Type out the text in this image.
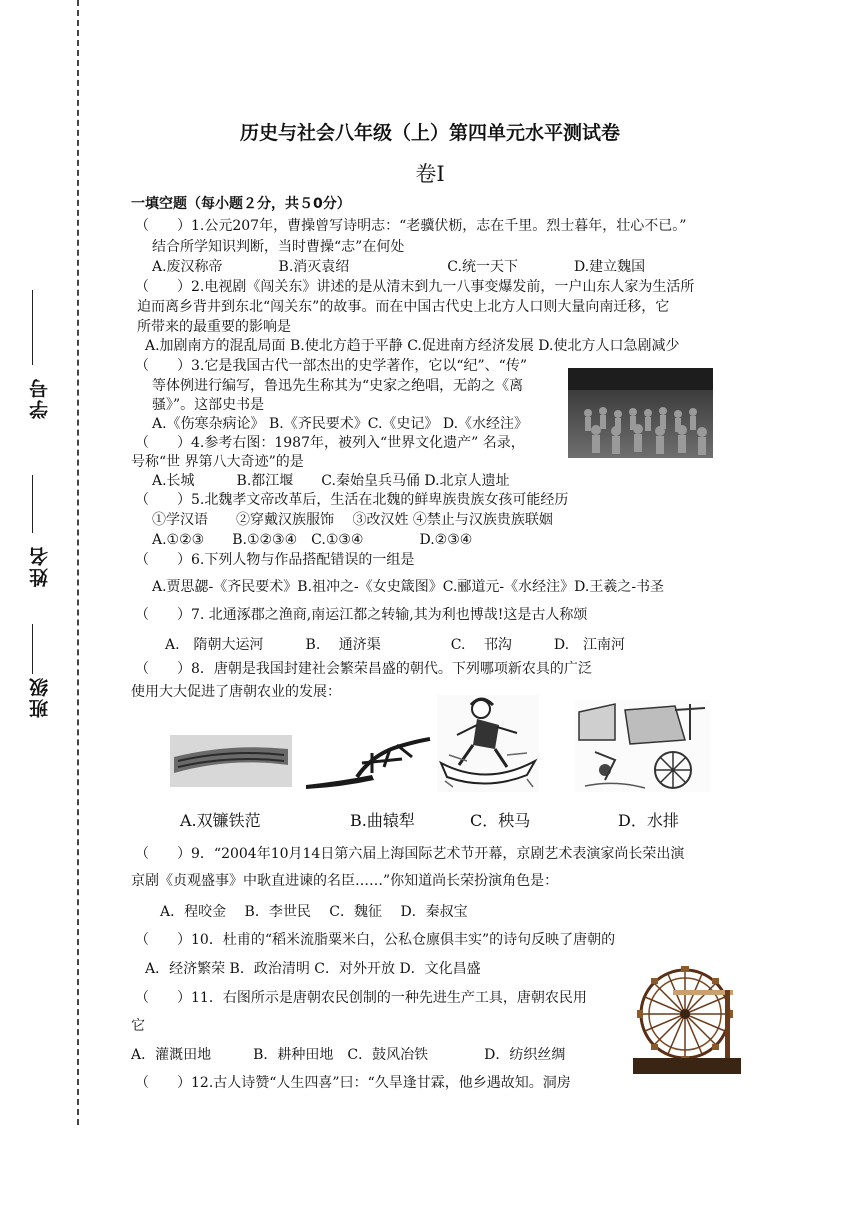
学号
姓名
班级
历史与社会八年级（上）第四单元水平测试卷
卷Ⅰ
一填空题（每小题２分，共５0分）
（　　）1.公元207年，曹操曾写诗明志：“老骥伏枥，志在千里。烈士暮年，壮心不已。”
结合所学知识判断，当时曹操“志”在何处
A.废汉称帝　　　　B.消灭袁绍　　　　　　　C.统一天下　　　　D.建立魏国
（　　）2.电视剧《闯关东》讲述的是从清末到九一八事变爆发前，一户山东人家为生活所
迫而离乡背井到东北“闯关东”的故事。而在中国古代史上北方人口则大量向南迁移，它
所带来的最重要的影响是
A.加剧南方的混乱局面 B.使北方趋于平静 C.促进南方经济发展 D.使北方人口急剧减少
（　　）3.它是我国古代一部杰出的史学著作，它以“纪”、“传”
等体例进行编写，鲁迅先生称其为“史家之绝唱，无韵之《离
骚》”。这部史书是
A.《伤寒杂病论》 B.《齐民要术》C.《史记》 D.《水经注》
（　　）4.参考右图：1987年，被列入“世界文化遗产” 名录，
号称“世 界第八大奇迹”的是
A.长城　　　B.都江堰　　C.秦始皇兵马俑 D.北京人遗址
（　　）5.北魏孝文帝改革后，生活在北魏的鲜卑族贵族女孩可能经历
①学汉语　　②穿戴汉族服饰　 ③改汉姓 ④禁止与汉族贵族联姻
A.①②③　　B.①②③④　C.①③④　　　　D.②③④
（　　）6.下列人物与作品搭配错误的一组是
A.贾思勰-《齐民要术》B.祖冲之-《女史箴图》C.郦道元-《水经注》D.王羲之-书圣
（　　）7. 北通涿郡之渔商,南运江都之转输,其为利也博哉!这是古人称颂
A.　隋朝大运河　　　B.　 通济渠　　　　　C.　 邗沟　　　D.　江南河
（　　）8．唐朝是我国封建社会繁荣昌盛的朝代。下列哪项新农具的广泛
使用大大促进了唐朝农业的发展：
A.双镰铁范	B.曲辕犁	C．秧马	D．水排
（　　）9．“2004年10月14日第六届上海国际艺术节开幕，京剧艺术表演家尚长荣出演
京剧《贞观盛事》中耿直进谏的名臣……”你知道尚长荣扮演角色是：
A．程咬金　 B．李世民　 C．魏征　 D．秦叔宝
（　　）10．杜甫的“稻米流脂粟米白，公私仓廪俱丰实”的诗句反映了唐朝的
A．经济繁荣 B．政治清明 C．对外开放 D．文化昌盛
（　　）11．右图所示是唐朝农民创制的一种先进生产工具，唐朝农民用
它
A．灌溉田地　　　B．耕种田地　C．鼓风冶铁　　　　D．纺织丝绸
（　　）12.古人诗赞“人生四喜”曰：“久旱逢甘霖，他乡遇故知。洞房
